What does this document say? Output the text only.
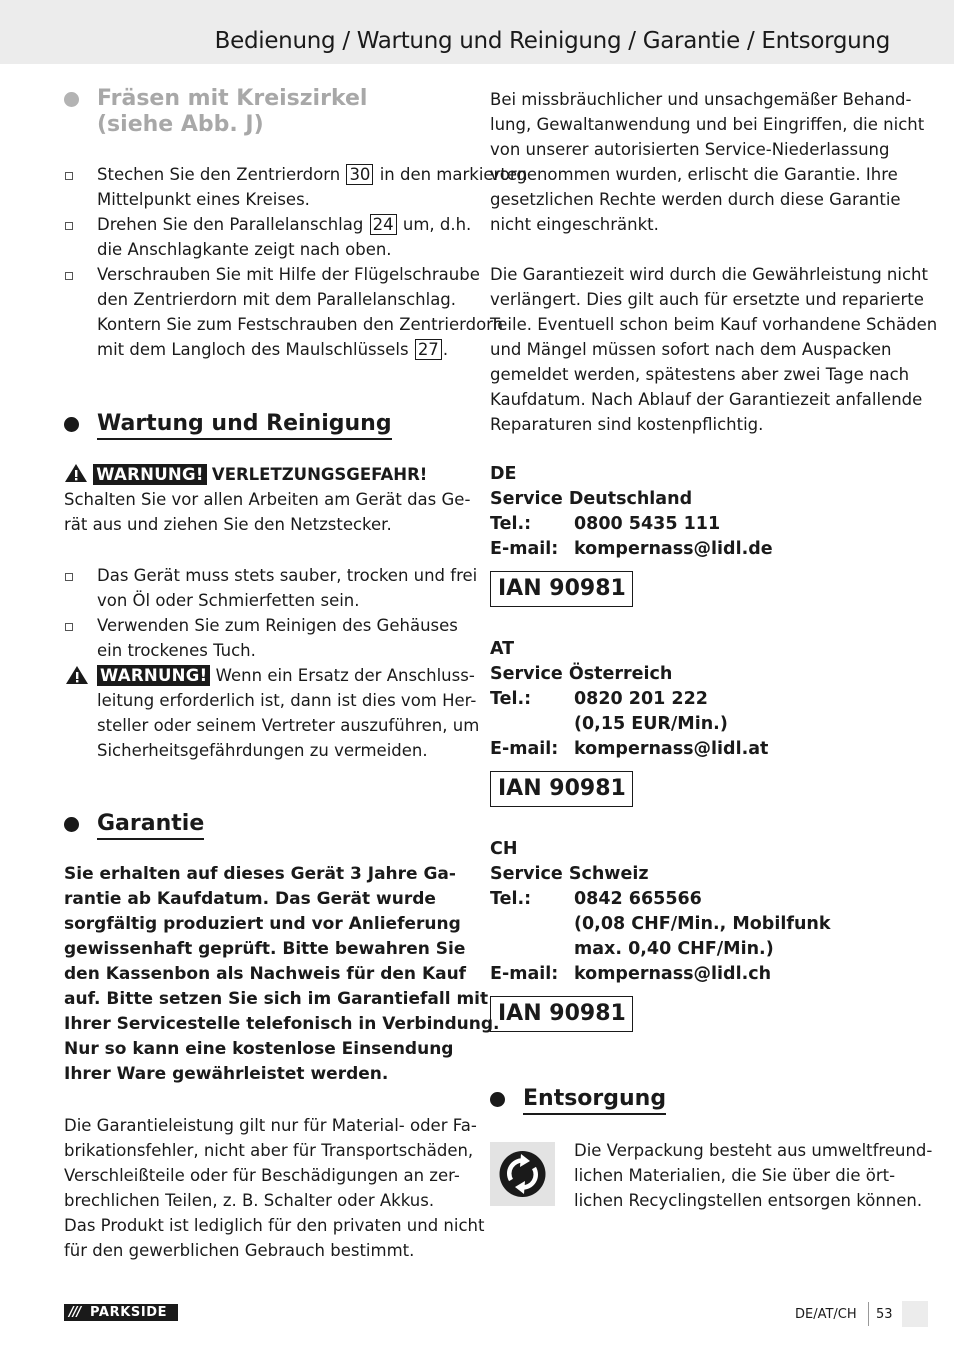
Bedienung / Wartung und Reinigung / Garantie / Entsorgung
Fräsen mit Kreiszirkel
(siehe Abb. J)

Stechen Sie den Zentrierdorn 30 in den markierten

Mittelpunkt eines Kreises.

Drehen Sie den Parallelanschlag 24 um, d.h.

die Anschlagkante zeigt nach oben.

Verschrauben Sie mit Hilfe der Flügelschraube

den Zentrierdorn mit dem Parallelanschlag.

Kontern Sie zum Festschrauben den Zentrierdorn

mit dem Langloch des Maulschlüssels 27 .

Wartung und Reinigung

WARNUNG! VERLETZUNGSGEFAHR!

Schalten Sie vor allen Arbeiten am Gerät das Ge-

rät aus und ziehen Sie den Netzstecker.

Das Gerät muss stets sauber, trocken und frei

von Öl oder Schmierfetten sein.

Verwenden Sie zum Reinigen des Gehäuses

ein trockenes Tuch.

WARNUNG! Wenn ein Ersatz der Anschluss-

leitung erforderlich ist, dann ist dies vom Her-

steller oder seinem Vertreter auszuführen, um

Sicherheitsgefährdungen zu vermeiden.

Garantie

Sie erhalten auf dieses Gerät 3 Jahre Ga-

rantie ab Kaufdatum. Das Gerät wurde

sorgfältig produziert und vor Anlieferung

gewissenhaft geprüft. Bitte bewahren Sie

den Kassenbon als Nachweis für den Kauf

auf. Bitte setzen Sie sich im Garantiefall mit

Ihrer Servicestelle telefonisch in Verbindung.

Nur so kann eine kostenlose Einsendung

Ihrer Ware gewährleistet werden.

Die Garantieleistung gilt nur für Material- oder Fa-

brikationsfehler, nicht aber für Transportschäden,

Verschleißteile oder für Beschädigungen an zer-

brechlichen Teilen, z. B. Schalter oder Akkus.

Das Produkt ist lediglich für den privaten und nicht

für den gewerblichen Gebrauch bestimmt.

Bei missbräuchlicher und unsachgemäßer Behand-

lung, Gewaltanwendung und bei Eingriffen, die nicht

von unserer autorisierten Service-Niederlassung

vorgenommen wurden, erlischt die Garantie. Ihre

gesetzlichen Rechte werden durch diese Garantie

nicht eingeschränkt.

Die Garantiezeit wird durch die Gewährleistung nicht

verlängert. Dies gilt auch für ersetzte und reparierte

Teile. Eventuell schon beim Kauf vorhandene Schäden

und Mängel müssen sofort nach dem Auspacken

gemeldet werden, spätestens aber zwei Tage nach

Kaufdatum. Nach Ablauf der Garantiezeit anfallende

Reparaturen sind kostenpflichtig.

DE
Service Deutschland
Tel.: 0800 5435 111
E-mail: kompernass@lidl.de
IAN 90981
AT
Service Österreich
Tel.: 0820 201 222
(0,15 EUR/Min.)
E-mail: kompernass@lidl.at
IAN 90981
CH
Service Schweiz
Tel.: 0842 665566
(0,08 CHF/Min., Mobilfunk
max. 0,40 CHF/Min.)
E-mail: kompernass@lidl.ch
IAN 90981
Entsorgung

Die Verpackung besteht aus umweltfreund-

lichen Materialien, die Sie über die ört-

lichen Recyclingstellen entsorgen können.

/// PARKSIDE	DE/AT/CH 53
